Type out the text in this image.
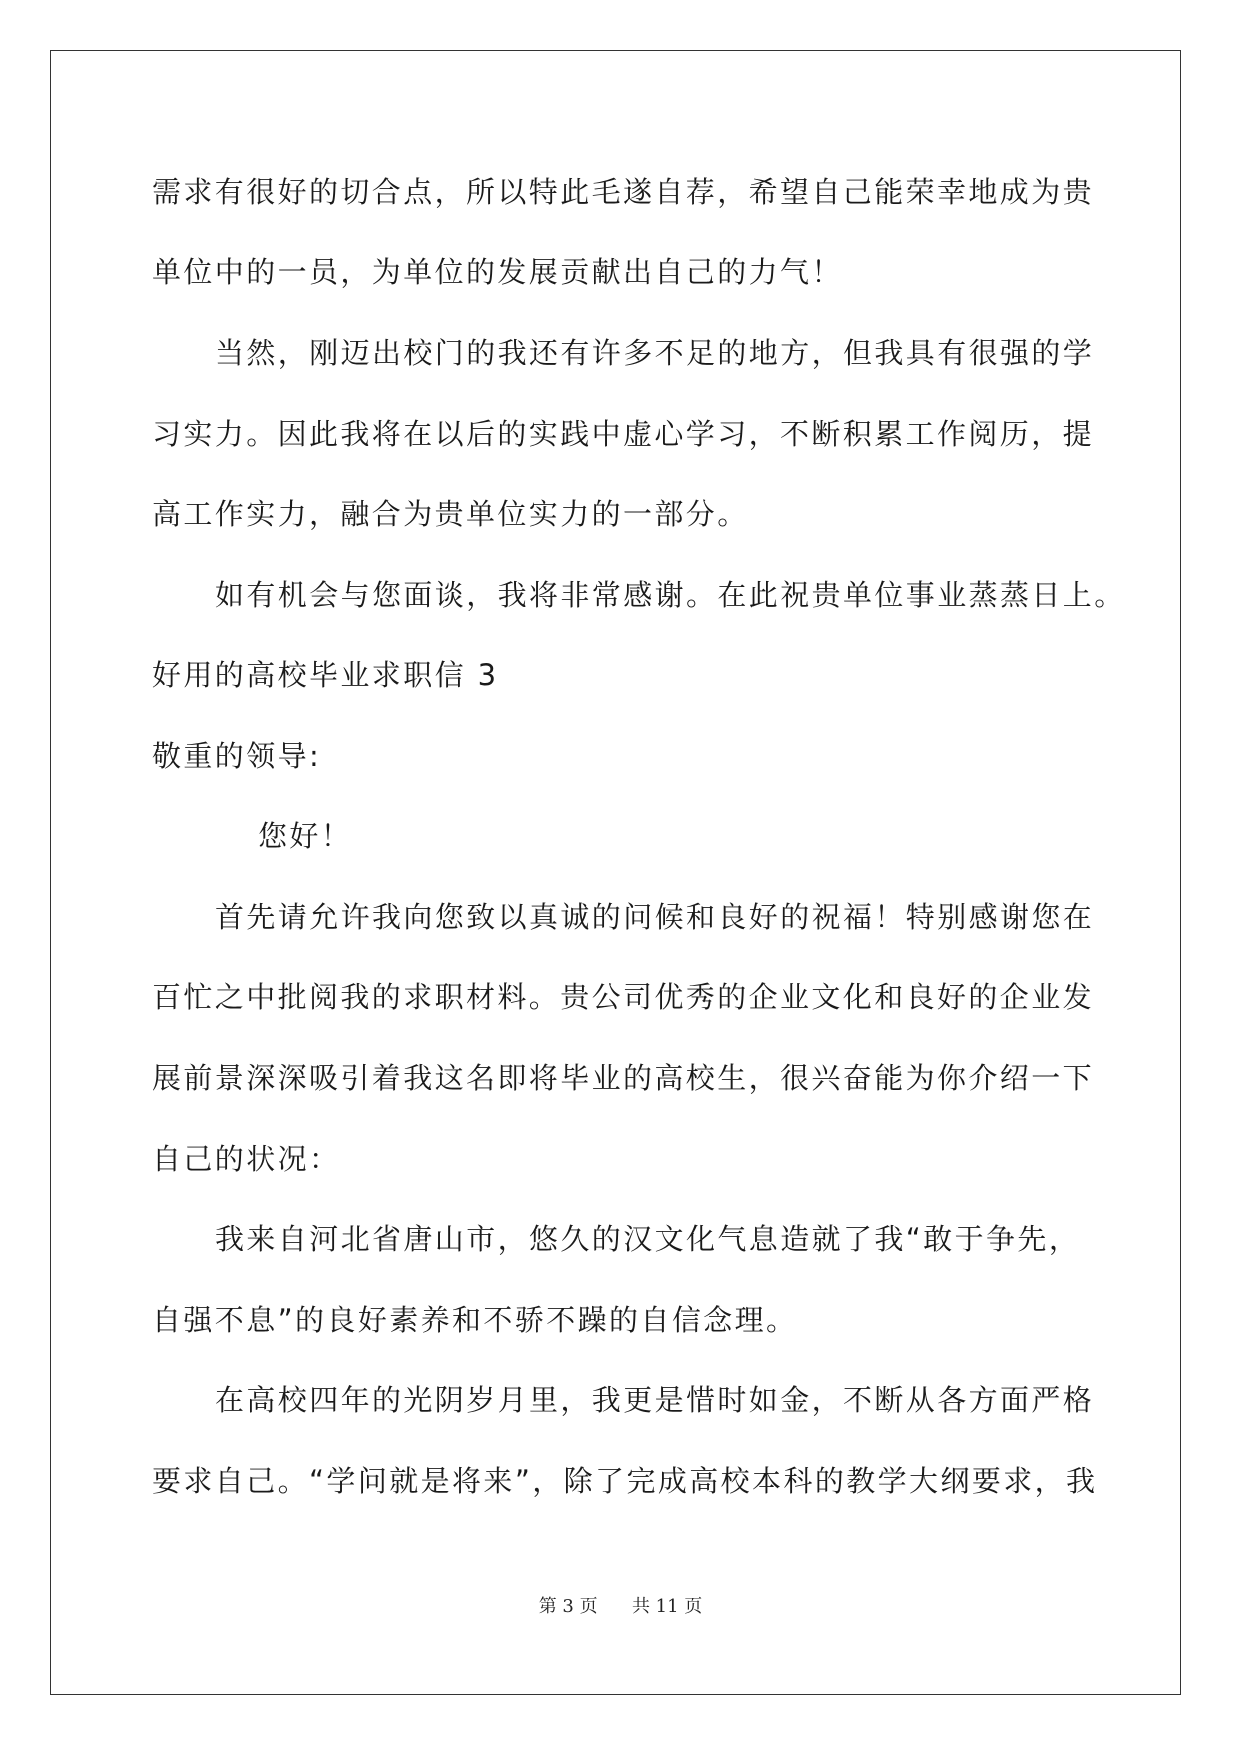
需求有很好的切合点，所以特此毛遂自荐，希望自己能荣幸地成为贵
单位中的一员，为单位的发展贡献出自己的力气！
当然，刚迈出校门的我还有许多不足的地方，但我具有很强的学
习实力。因此我将在以后的实践中虚心学习，不断积累工作阅历，提
高工作实力，融合为贵单位实力的一部分。
如有机会与您面谈，我将非常感谢。在此祝贵单位事业蒸蒸日上。
好用的高校毕业求职信 3
敬重的领导:
您好！
首先请允许我向您致以真诚的问候和良好的祝福！特别感谢您在
百忙之中批阅我的求职材料。贵公司优秀的企业文化和良好的企业发
展前景深深吸引着我这名即将毕业的高校生，很兴奋能为你介绍一下
自己的状况：
我来自河北省唐山市，悠久的汉文化气息造就了我“敢于争先，
自强不息”的良好素养和不骄不躁的自信念理。
在高校四年的光阴岁月里，我更是惜时如金，不断从各方面严格
要求自己。“学问就是将来”，除了完成高校本科的教学大纲要求，我
第 3 页 共 11 页
